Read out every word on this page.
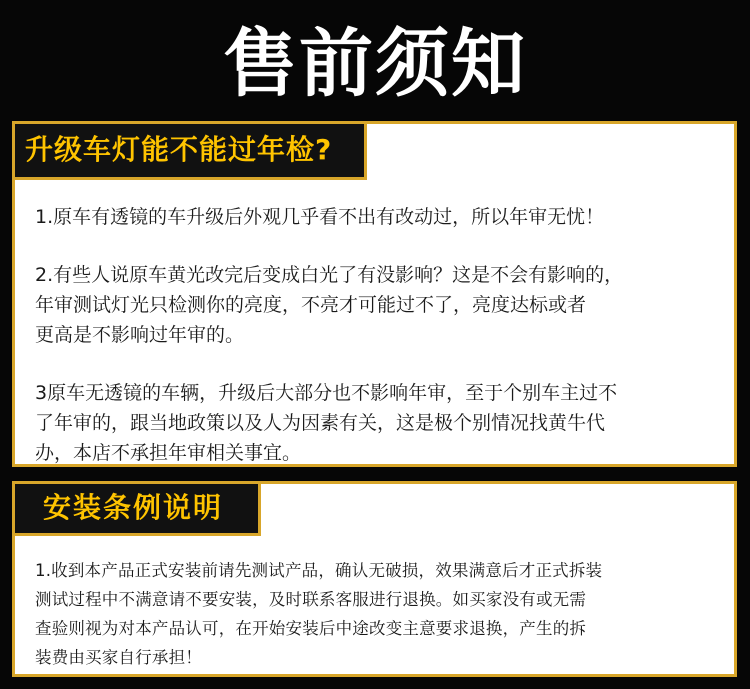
售前须知
升级车灯能不能过年检?
1.原车有透镜的车升级后外观几乎看不出有改动过，所以年审无忧！
2.有些人说原车黄光改完后变成白光了有没影响？这是不会有影响的，
年审测试灯光只检测你的亮度，不亮才可能过不了，亮度达标或者
更高是不影响过年审的。
3原车无透镜的车辆，升级后大部分也不影响年审，至于个别车主过不
了年审的，跟当地政策以及人为因素有关，这是极个别情况找黄牛代
办，本店不承担年审相关事宜。
安装条例说明
1.收到本产品正式安装前请先测试产品，确认无破损，效果满意后才正式拆装
测试过程中不满意请不要安装，及时联系客服进行退换。如买家没有或无需
查验则视为对本产品认可，在开始安装后中途改变主意要求退换，产生的拆
装费由买家自行承担！
